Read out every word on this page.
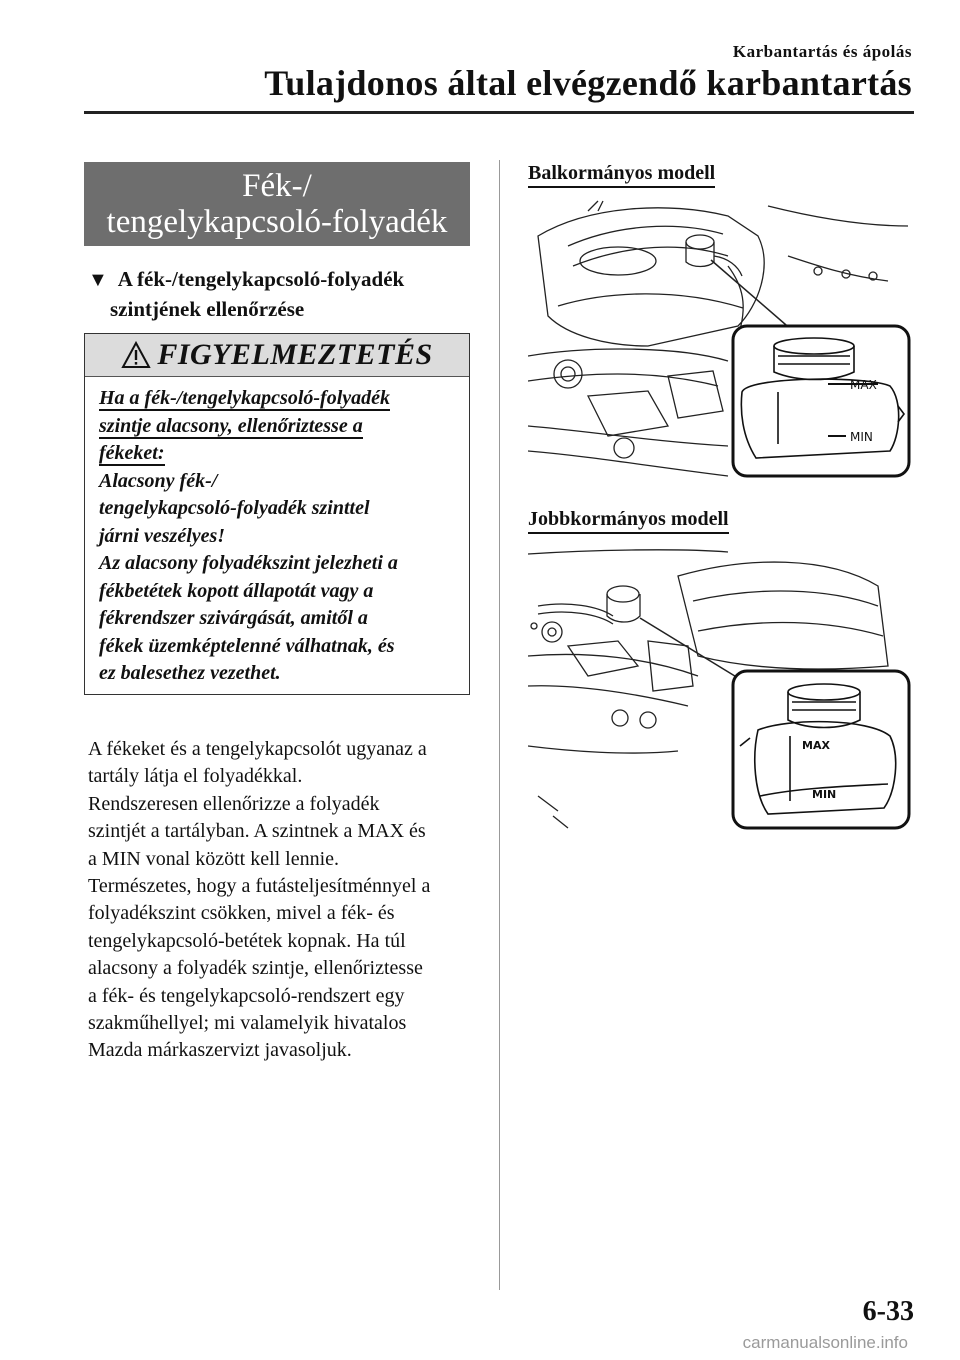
Karbantartás és ápolás
Tulajdonos által elvégzendő karbantartás
Fék-/
tengelykapcsoló-folyadék
▼ A fék-/tengelykapcsoló-folyadék
szintjének ellenőrzése
FIGYELMEZTETÉS
Ha a fék-/tengelykapcsoló-folyadék
szintje alacsony, ellenőriztesse a
fékeket:
Alacsony fék-/
tengelykapcsoló-folyadék szinttel
járni veszélyes!
Az alacsony folyadékszint jelezheti a
fékbetétek kopott állapotát vagy a
fékrendszer szivárgását, amitől a
fékek üzemképtelenné válhatnak, és
ez balesethez vezethet.
A fékeket és a tengelykapcsolót ugyanaz a
tartály látja el folyadékkal.
Rendszeresen ellenőrizze a folyadék
szintjét a tartályban. A szintnek a MAX és
a MIN vonal között kell lennie.
Természetes, hogy a futásteljesítménnyel a
folyadékszint csökken, mivel a fék- és
tengelykapcsoló-betétek kopnak. Ha túl
alacsony a folyadék szintje, ellenőriztesse
a fék- és tengelykapcsoló-rendszert egy
szakműhellyel; mi valamelyik hivatalos
Mazda márkaszervizt javasoljuk.
Balkormányos modell
MAX
MIN
Jobbkormányos modell
MAX
MIN
6-33
carmanualsonline.info
